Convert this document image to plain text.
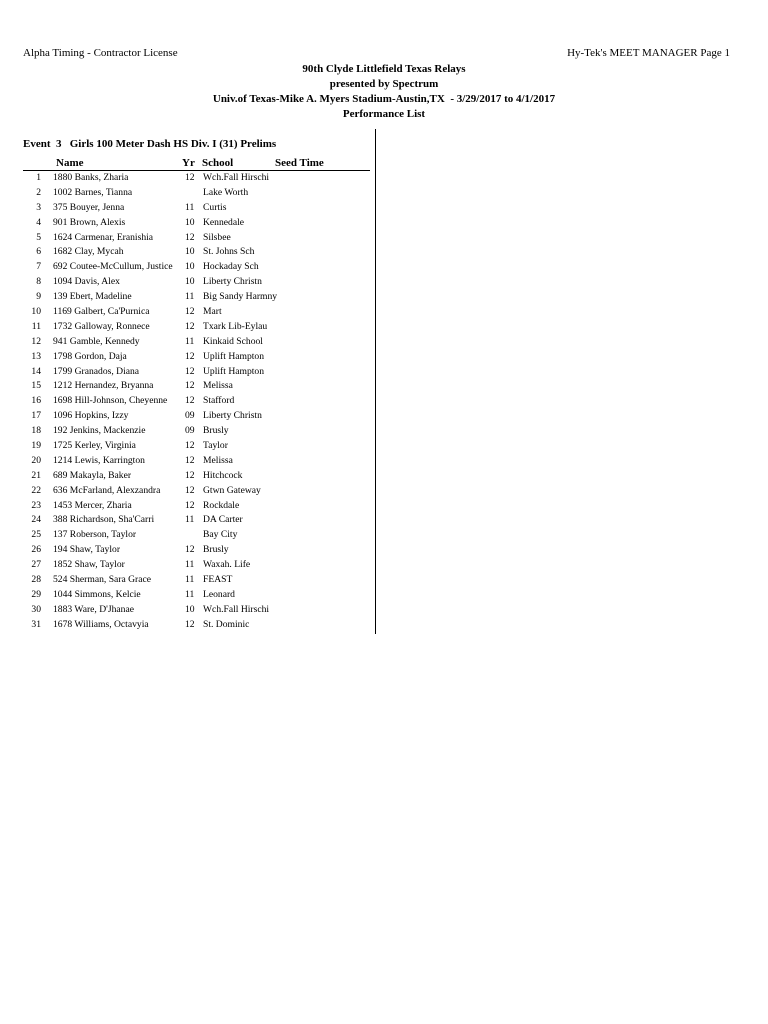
Alpha Timing - Contractor License	Hy-Tek's MEET MANAGER Page 1
90th Clyde Littlefield Texas Relays
presented by Spectrum
Univ.of Texas-Mike A. Myers Stadium-Austin,TX  - 3/29/2017 to 4/1/2017
Performance List
Event  3   Girls 100 Meter Dash HS Div. I (31) Prelims
Name	Yr School	Seed Time
1 1880 Banks, Zharia	12 Wch.Fall Hirschi
2 1002 Barnes, Tianna	Lake Worth
3 375 Bouyer, Jenna	11 Curtis
4 901 Brown, Alexis	10 Kennedale
5 1624 Carmenar, Eranishia	12 Silsbee
6 1682 Clay, Mycah	10 St. Johns Sch
7 692 Coutee-McCullum, Justice	10 Hockaday Sch
8 1094 Davis, Alex	10 Liberty Christn
9 139 Ebert, Madeline	11 Big Sandy Harmny
10 1169 Galbert, Ca'Purnica	12 Mart
11 1732 Galloway, Ronnece	12 Txark Lib-Eylau
12 941 Gamble, Kennedy	11 Kinkaid School
13 1798 Gordon, Daja	12 Uplift Hampton
14 1799 Granados, Diana	12 Uplift Hampton
15 1212 Hernandez, Bryanna	12 Melissa
16 1698 Hill-Johnson, Cheyenne	12 Stafford
17 1096 Hopkins, Izzy	09 Liberty Christn
18 192 Jenkins, Mackenzie	09 Brusly
19 1725 Kerley, Virginia	12 Taylor
20 1214 Lewis, Karrington	12 Melissa
21 689 Makayla, Baker	12 Hitchcock
22 636 McFarland, Alexzandra	12 Gtwn Gateway
23 1453 Mercer, Zharia	12 Rockdale
24 388 Richardson, Sha'Carri	11 DA Carter
25 137 Roberson, Taylor	Bay City
26 194 Shaw, Taylor	12 Brusly
27 1852 Shaw, Taylor	11 Waxah. Life
28 524 Sherman, Sara Grace	11 FEAST
29 1044 Simmons, Kelcie	11 Leonard
30 1883 Ware, D'Jhanae	10 Wch.Fall Hirschi
31 1678 Williams, Octavyia	12 St. Dominic
